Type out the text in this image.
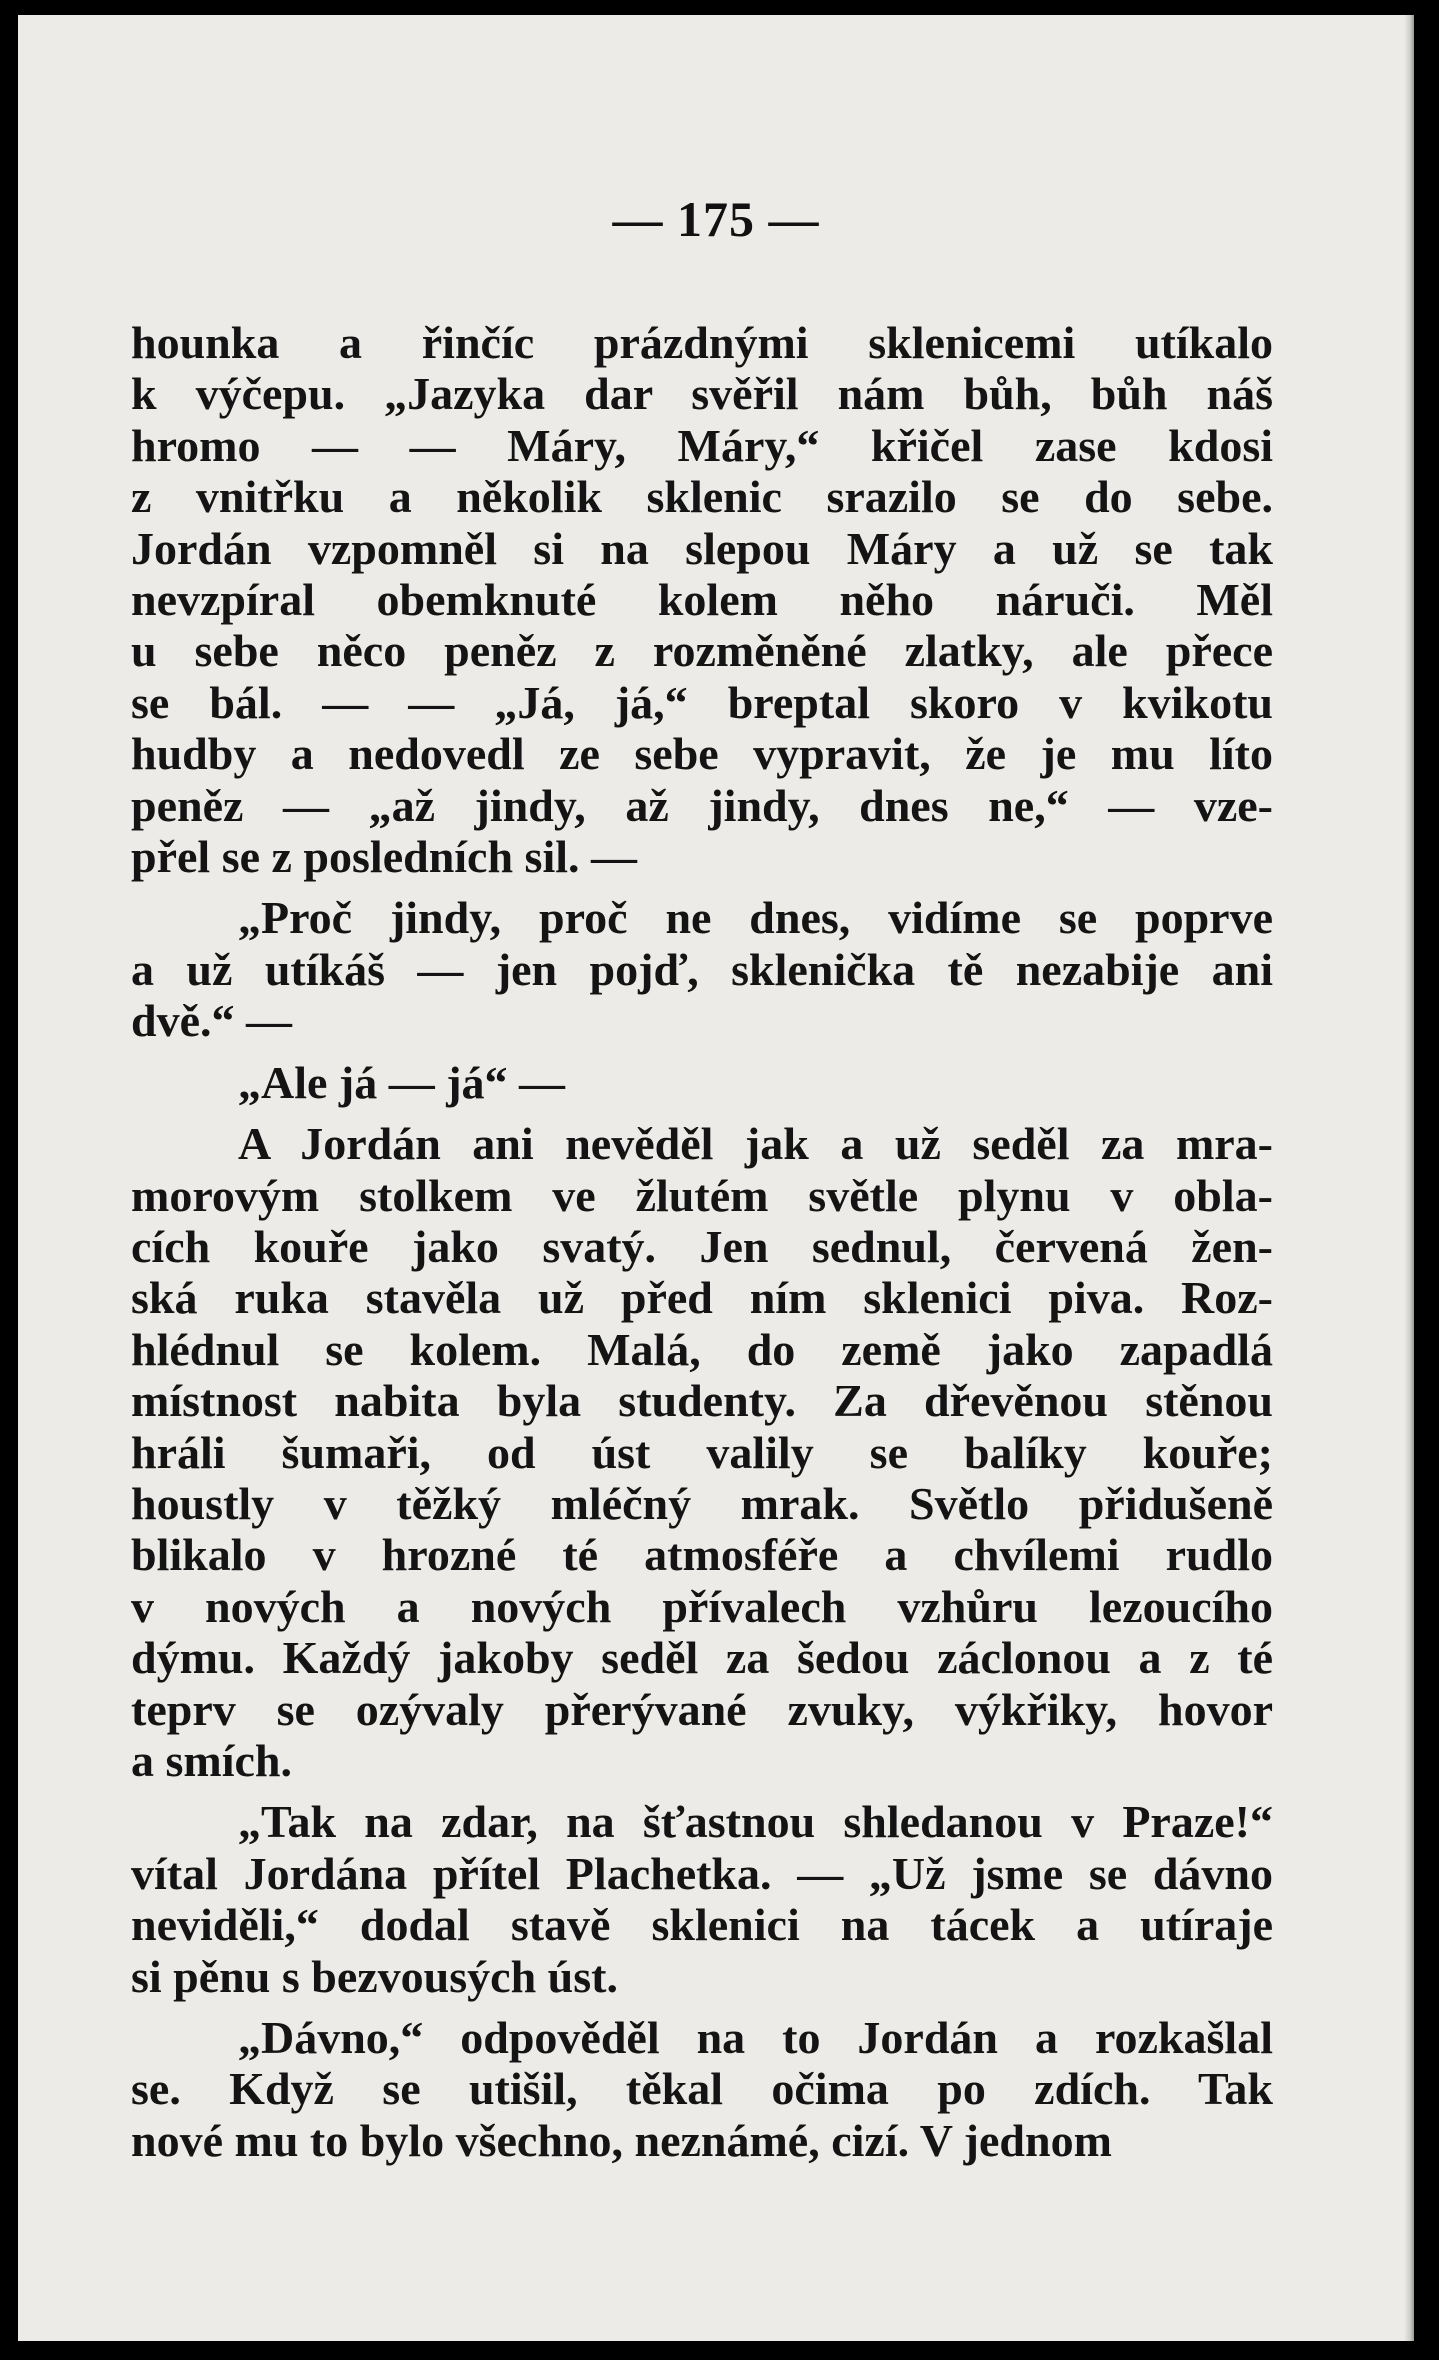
— 175 —
hounka a řinčíc prázdnými sklenicemi utíkalo
k výčepu. „Jazyka dar svěřil nám bůh, bůh náš
hromo — — Máry, Máry,“ křičel zase kdosi
z vnitřku a několik sklenic srazilo se do sebe.
Jordán vzpomněl si na slepou Máry a už se tak
nevzpíral obemknuté kolem něho náruči. Měl
u sebe něco peněz z rozměněné zlatky, ale přece
se bál. — — „Já, já,“ breptal skoro v kvikotu
hudby a nedovedl ze sebe vypravit, že je mu líto
peněz — „až jindy, až jindy, dnes ne,“ — vze-
přel se z posledních sil. —
„Proč jindy, proč ne dnes, vidíme se poprve
a už utíkáš — jen pojď, sklenička tě nezabije ani
dvě.“ —
„Ale já — já“ —
A Jordán ani nevěděl jak a už seděl za mra-
morovým stolkem ve žlutém světle plynu v obla-
cích kouře jako svatý. Jen sednul, červená žen-
ská ruka stavěla už před ním sklenici piva. Roz-
hlédnul se kolem. Malá, do země jako zapadlá
místnost nabita byla studenty. Za dřevěnou stěnou
hráli šumaři, od úst valily se balíky kouře;
houstly v těžký mléčný mrak. Světlo přidušeně
blikalo v hrozné té atmosféře a chvílemi rudlo
v nových a nových přívalech vzhůru lezoucího
dýmu. Každý jakoby seděl za šedou záclonou a z té
teprv se ozývaly přerývané zvuky, výkřiky, hovor
a smích.
„Tak na zdar, na šťastnou shledanou v Praze!“
vítal Jordána přítel Plachetka. — „Už jsme se dávno
neviděli,“ dodal stavě sklenici na tácek a utíraje
si pěnu s bezvousých úst.
„Dávno,“ odpověděl na to Jordán a rozkašlal
se. Když se utišil, těkal očima po zdích. Tak
nové mu to bylo všechno, neznámé, cizí. V jednom
